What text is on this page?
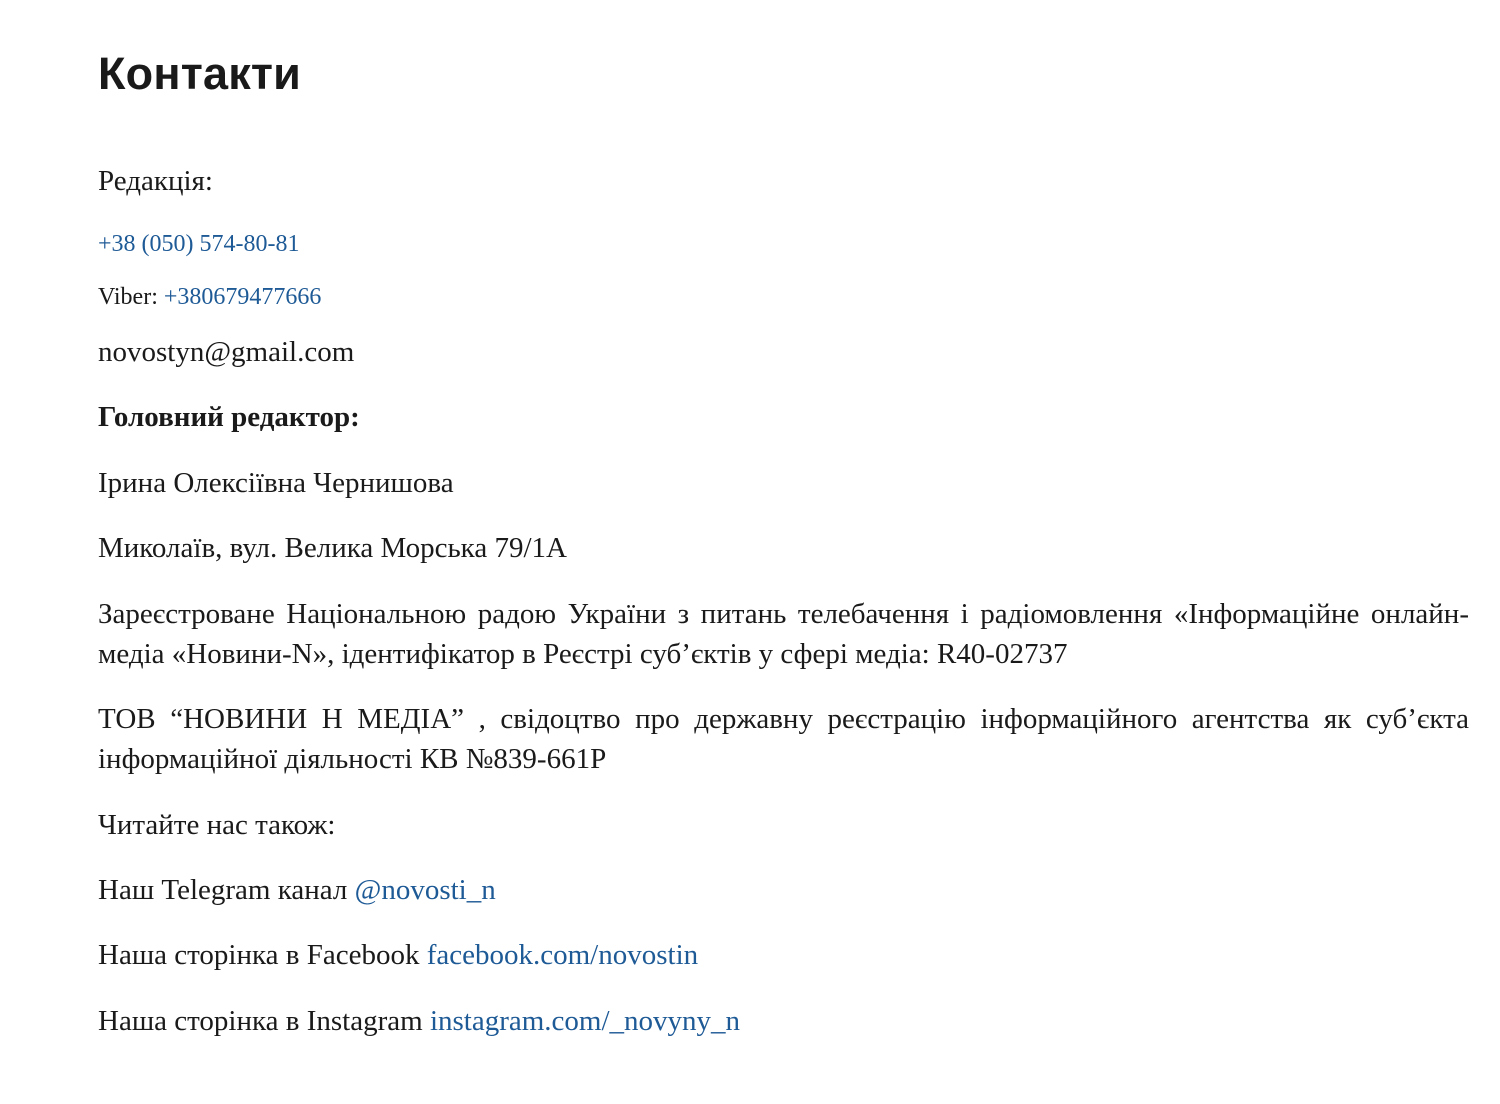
Контакти

Редакція:

+38 (050) 574-80-81

Viber: +380679477666

novostyn@gmail.com

Головний редактор:

Ірина Олексіївна Чернишова

Миколаїв, вул. Велика Морська 79/1А

Зареєстроване Національною радою України з питань телебачення і радіомовлення «Інформаційне онлайн-медіа «Новини-N», ідентифікатор в Реєстрі суб’єктів у сфері медіа: R40-02737

ТОВ “НОВИНИ Н МЕДІА” , свідоцтво про державну реєстрацію інформаційного агентства як суб’єкта інформаційної діяльності КВ №839-661Р

Читайте нас також:

Наш Telegram канал @novosti_n

Наша сторінка в Facebook facebook.com/novostin

Наша сторінка в Instagram instagram.com/_novyny_n
